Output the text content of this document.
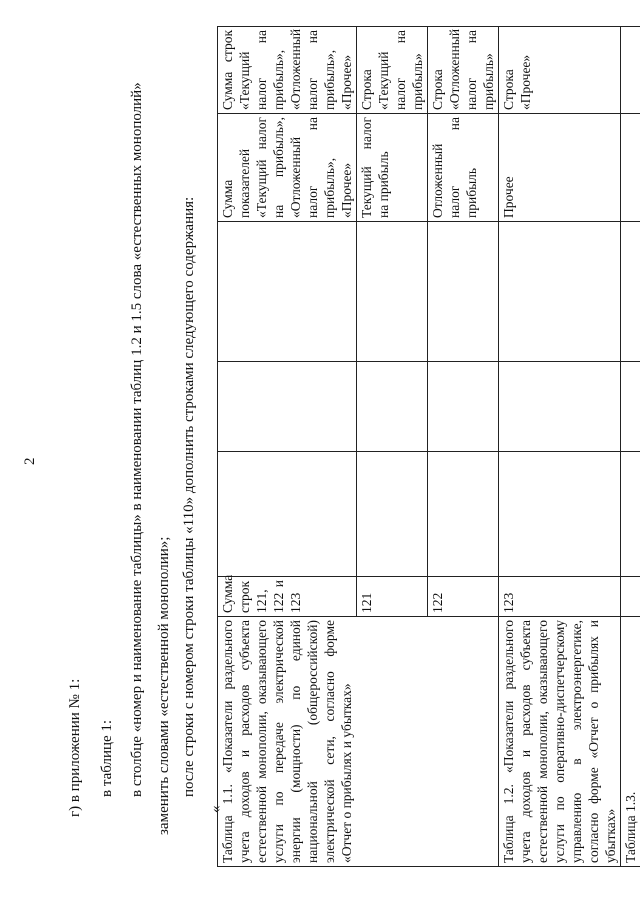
2
г) в приложении № 1: в таблице 1: в столбце «номер и наименование таблицы» в наименовании таблиц 1.2 и 1.5 слова «естественных монополий» заменить словами «естественной монополии»; после строки с номером строки таблицы «110» дополнить строками следующего содержания:
«
Таблица 1.1. «Показатели раздельного учета доходов и расходов субъекта естественной монополии, оказывающего услуги по передаче электрической энергии (мощности) по единой национальной (общероссийской) электрической сети, согласно форме «Отчет о прибылях и убытках»	Сумма строк 121, 122 и 123				Сумма показателей «Текущий налог на прибыль», «Отложенный налог на прибыль», «Прочее»	Сумма строк «Текущий налог на прибыль», «Отложенный налог на прибыль», «Прочее»
	121				Текущий налог на прибыль	Строка «Текущий налог на прибыль»
	122				Отложенный налог на прибыль	Строка «Отложенный налог на прибыль»
Таблица 1.2. «Показатели раздельного учета доходов и расходов субъекта естественной монополии, оказывающего услуги по оперативно-диспетчерскому управлению в электроэнергетике, согласно форме «Отчет о прибылях и убытках»	123				Прочее	Строка «Прочее»
Таблица 1.3.						
